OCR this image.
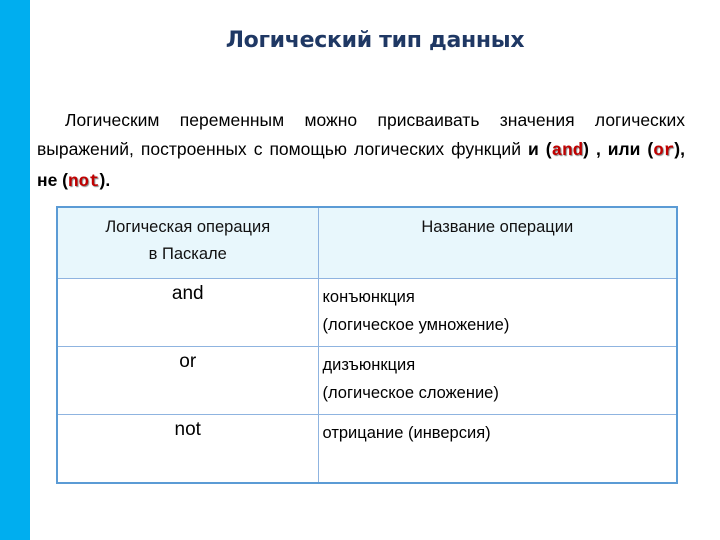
Логический тип данных
Логическим переменным можно присваивать значения логических выражений, построенных с помощью логических функций и (and) , или (or), не (not).
Логическая операция
в Паскале	Название операции
and	конъюнкция
(логическое умножение)

or	дизъюнкция
(логическое сложение)

not	отрицание (инверсия)
